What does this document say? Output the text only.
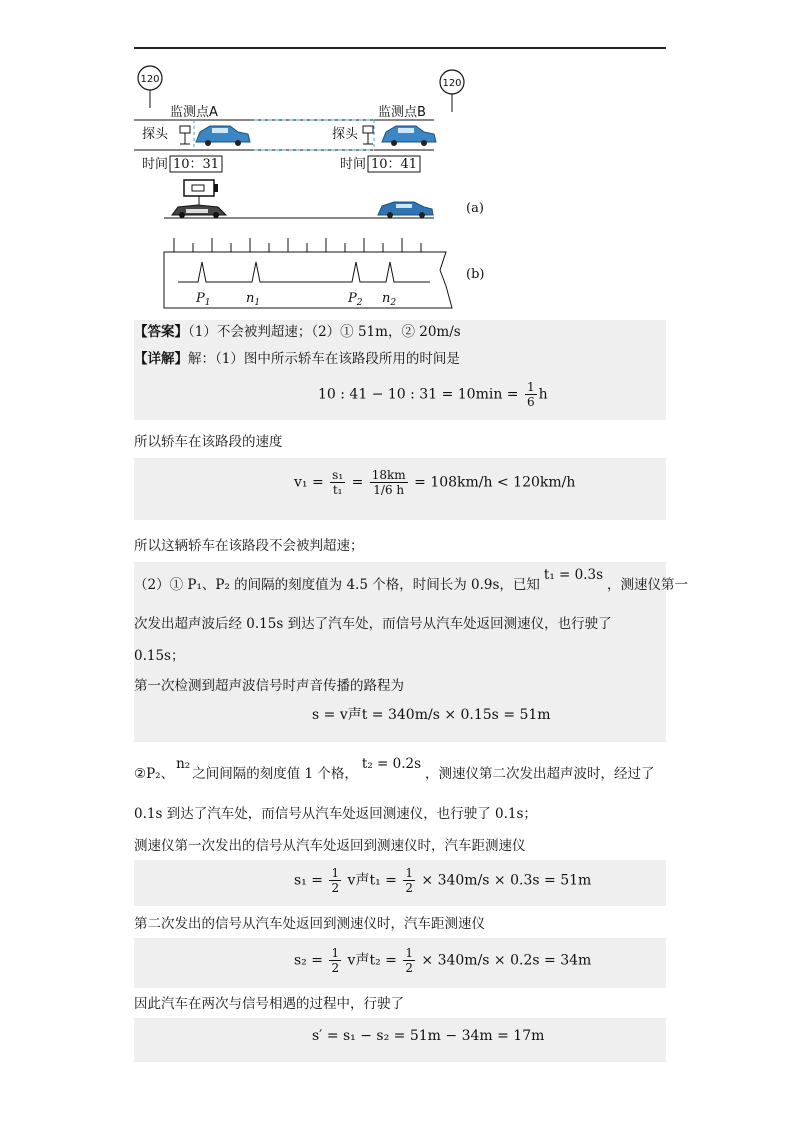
120	120
监测点A	监测点B
探头	探头
时间 10：31	时间 10：41
(a)
$P_1$	$n_1$	$P_2$ $n_2$
(b)
【答案】（1）不会被判超速；（2）① 51m，② 20m/s
【详解】解：（1）图中所示轿车在该路段所用的时间是
10 : 41 − 10 : $31 = 10\min = \frac{1}{6}$ h
所以轿车在该路段的速度
$v_1 = \frac{\text{s₁}}{\text{t₁}} = \frac{18km}{1/6 h} = 108km/h < 120km/h$
所以这辆轿车在该路段不会被判超速；
（2）① P₁、P₂ 的间隔的刻度值为 4.5 个格，时间长为 0.9s，已知t₁ = 0.3s，测速仪第一
次发出超声波后经 0.15s 到达了汽车处，而信号从汽车处返回测速仪，也行驶了
0.15s；
第一次检测到超声波信号时声音传播的路程为
s = v声t = 340m/s × 0.15s = 51m
②P₂、n₂之间间隔的刻度值 1 个格，t₂ = 0.2s，测速仪第二次发出超声波时，经过了
0.1s 到达了汽车处，而信号从汽车处返回测速仪，也行驶了 0.1s；
测速仪第一次发出的信号从汽车处返回到测速仪时，汽车距测速仪
$s_1 = \frac{1}{2}$ v声$t_1 = \frac{1}{2} \times 340m/s \times 0.3s = 51m$
第二次发出的信号从汽车处返回到测速仪时，汽车距测速仪
$s_2 = \frac{1}{2}$ v声$t_2 = \frac{1}{2} \times 340m/s \times 0.2s = 34m$
因此汽车在两次与信号相遇的过程中，行驶了
s′ = s₁ − s₂ = 51m − 34m = 17m
